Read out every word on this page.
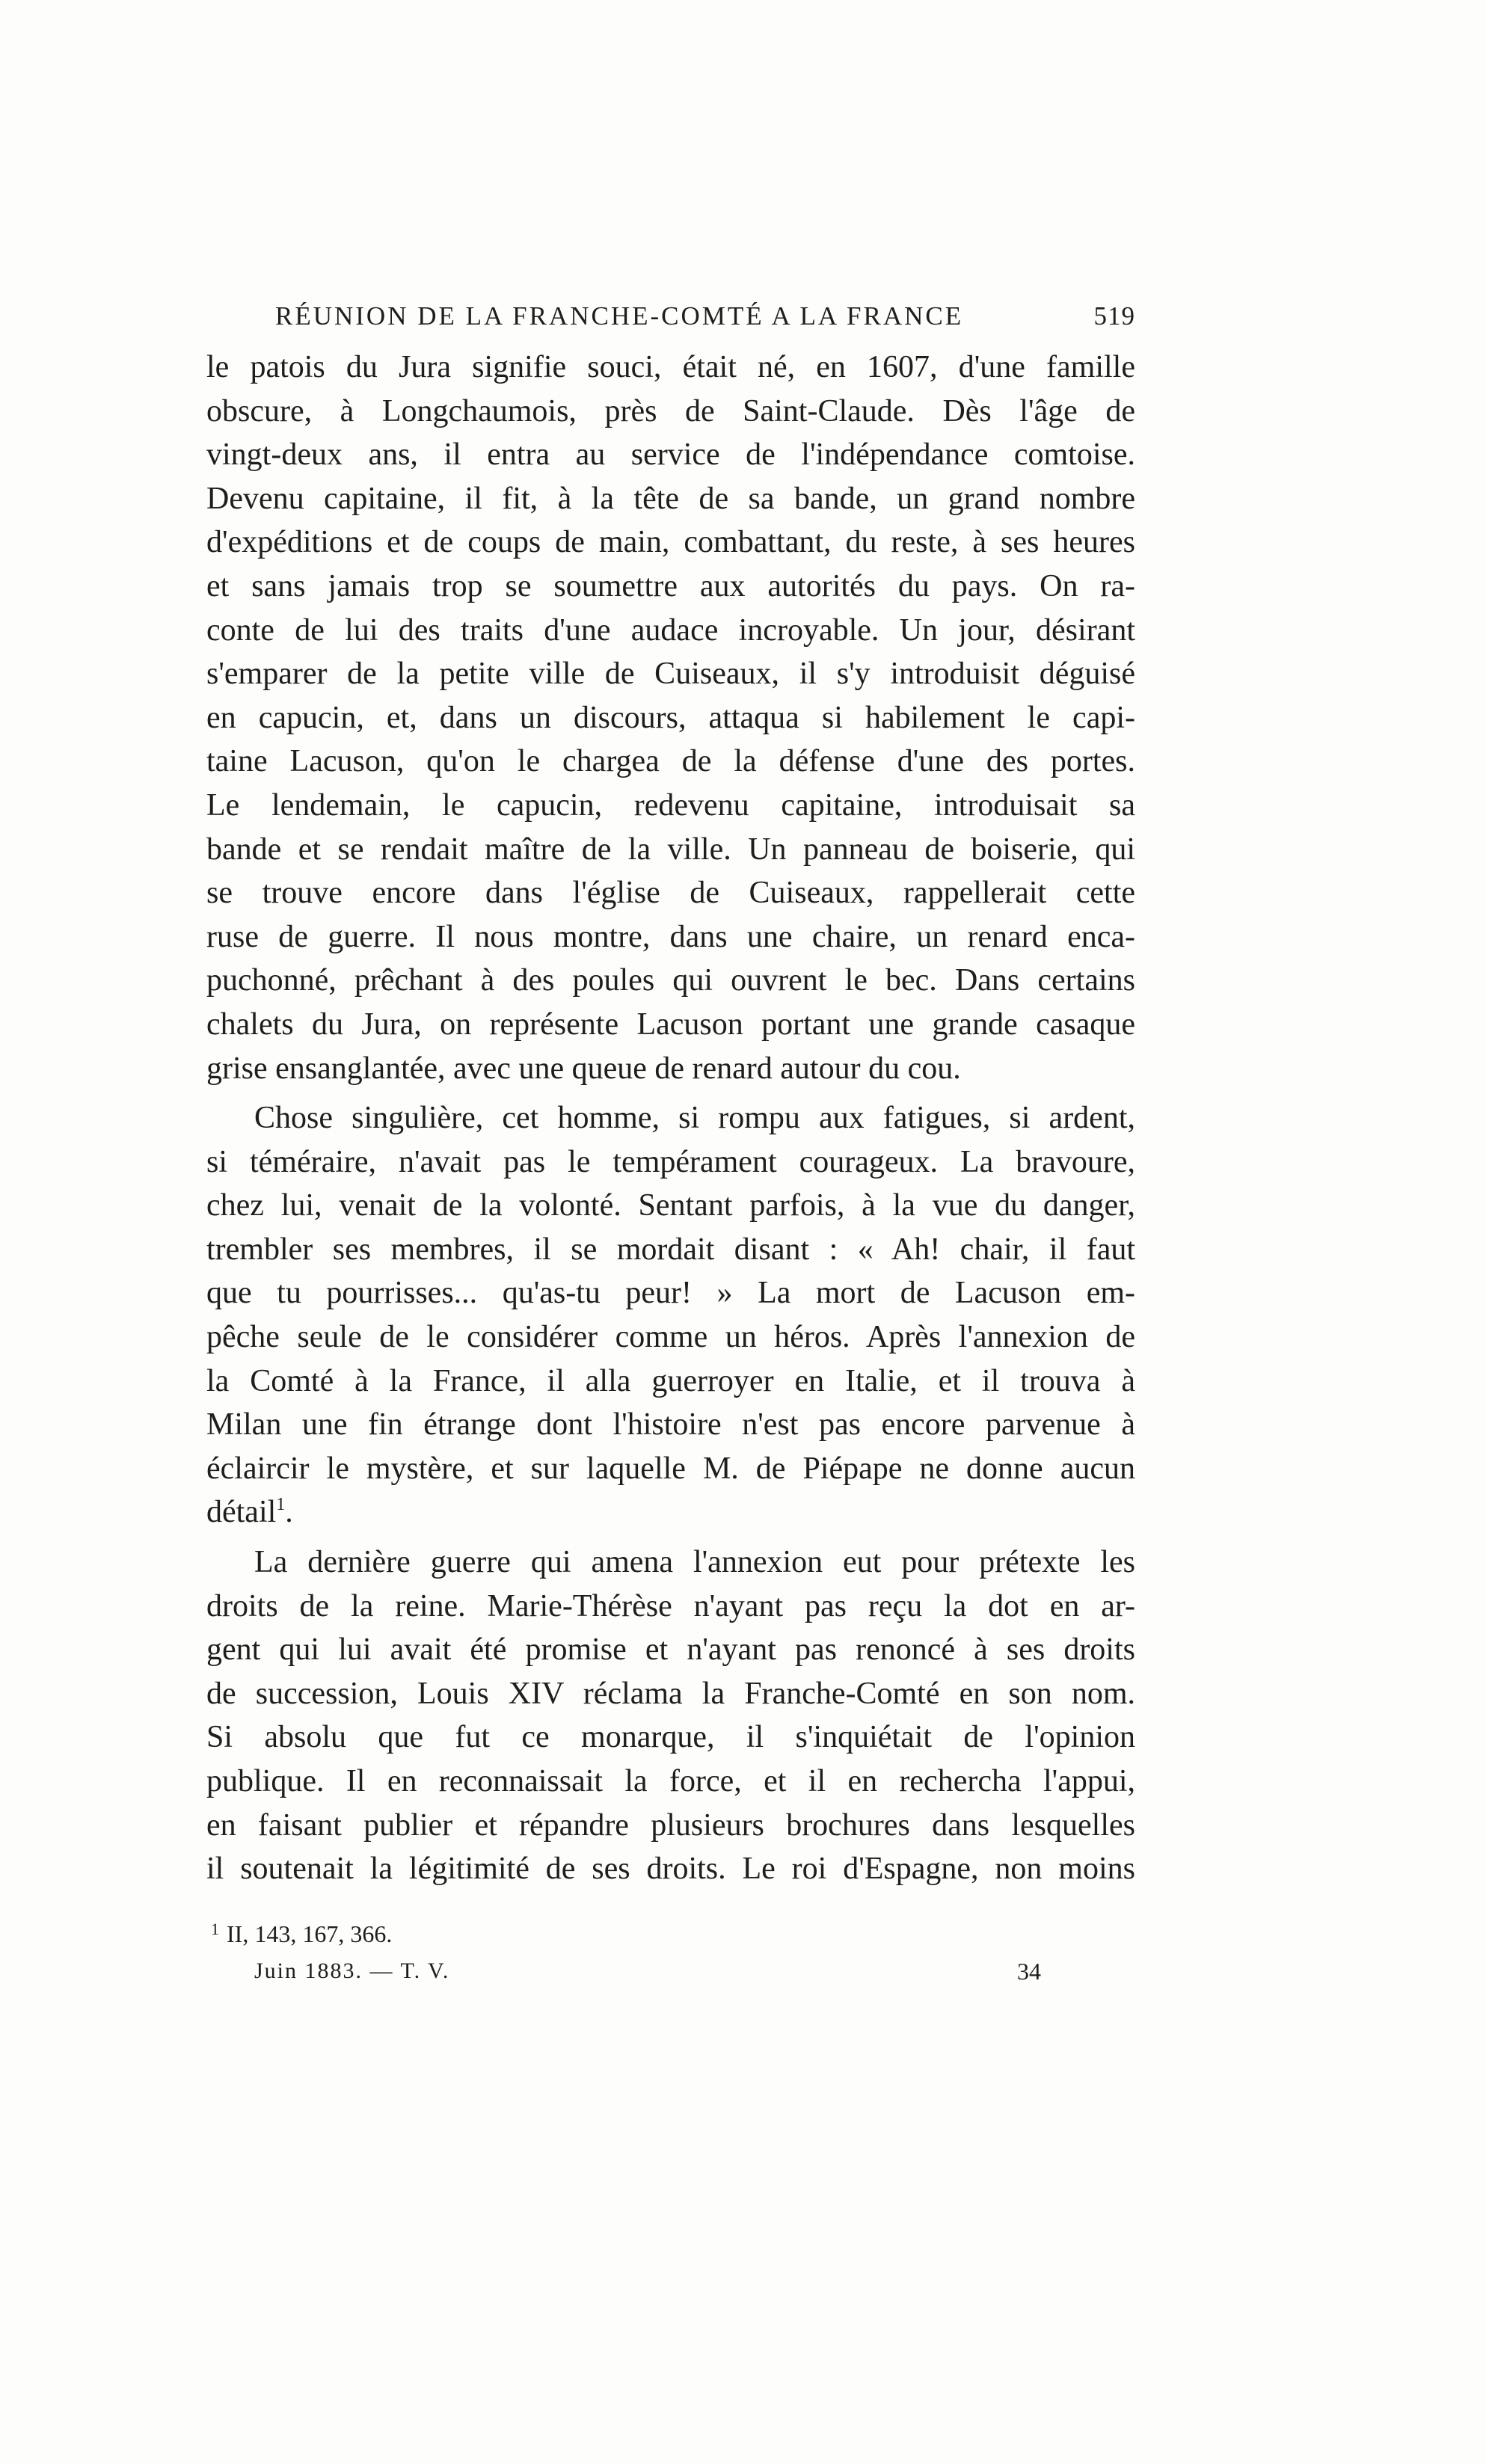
RÉUNION DE LA FRANCHE-COMTÉ A LA FRANCE	519
le patois du Jura signifie souci, était né, en 1607, d'une famille
obscure, à Longchaumois, près de Saint-Claude. Dès l'âge de
vingt-deux ans, il entra au service de l'indépendance comtoise.
Devenu capitaine, il fit, à la tête de sa bande, un grand nombre
d'expéditions et de coups de main, combattant, du reste, à ses heures
et sans jamais trop se soumettre aux autorités du pays. On ra-
conte de lui des traits d'une audace incroyable. Un jour, désirant
s'emparer de la petite ville de Cuiseaux, il s'y introduisit déguisé
en capucin, et, dans un discours, attaqua si habilement le capi-
taine Lacuson, qu'on le chargea de la défense d'une des portes.
Le lendemain, le capucin, redevenu capitaine, introduisait sa
bande et se rendait maître de la ville. Un panneau de boiserie, qui
se trouve encore dans l'église de Cuiseaux, rappellerait cette
ruse de guerre. Il nous montre, dans une chaire, un renard enca-
puchonné, prêchant à des poules qui ouvrent le bec. Dans certains
chalets du Jura, on représente Lacuson portant une grande casaque
grise ensanglantée, avec une queue de renard autour du cou.
Chose singulière, cet homme, si rompu aux fatigues, si ardent,
si téméraire, n'avait pas le tempérament courageux. La bravoure,
chez lui, venait de la volonté. Sentant parfois, à la vue du danger,
trembler ses membres, il se mordait disant : « Ah! chair, il faut
que tu pourrisses... qu'as-tu peur! » La mort de Lacuson em-
pêche seule de le considérer comme un héros. Après l'annexion de
la Comté à la France, il alla guerroyer en Italie, et il trouva à
Milan une fin étrange dont l'histoire n'est pas encore parvenue à
éclaircir le mystère, et sur laquelle M. de Piépape ne donne aucun
détail$^1$.
La dernière guerre qui amena l'annexion eut pour prétexte les
droits de la reine. Marie-Thérèse n'ayant pas reçu la dot en ar-
gent qui lui avait été promise et n'ayant pas renoncé à ses droits
de succession, Louis XIV réclama la Franche-Comté en son nom.
Si absolu que fut ce monarque, il s'inquiétait de l'opinion
publique. Il en reconnaissait la force, et il en rechercha l'appui,
en faisant publier et répandre plusieurs brochures dans lesquelles
il soutenait la légitimité de ses droits. Le roi d'Espagne, non moins
$^1$ II, 143, 167, 366.
Juin 1883. — T. V.	34
